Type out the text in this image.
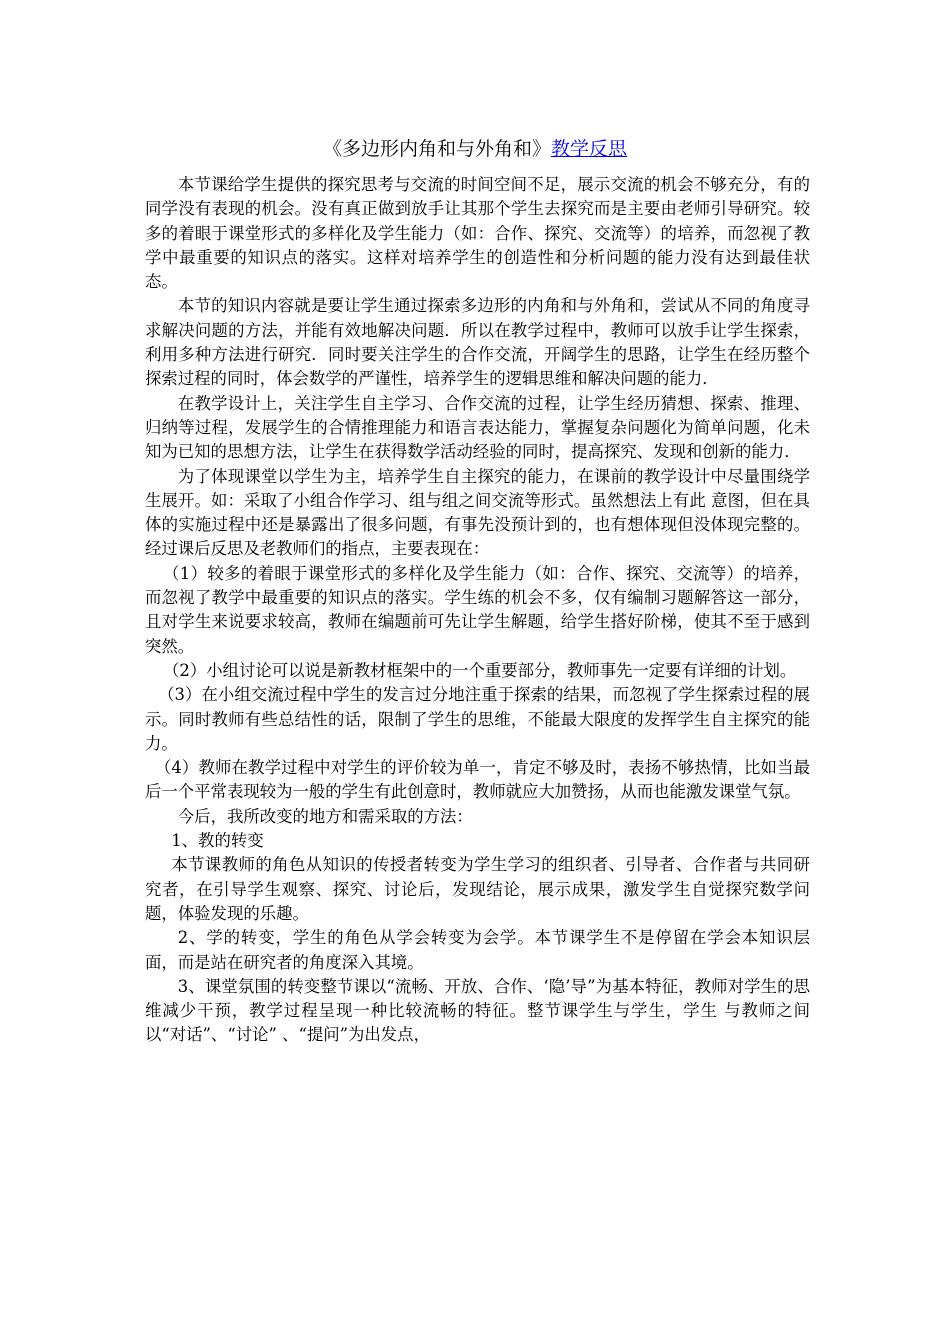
《多边形内角和与外角和》教学反思

本节课给学生提供的探究思考与交流的时间空间不足，展示交流的机会不够充分，有的同学没有表现的机会。没有真正做到放手让其那个学生去探究而是主要由老师引导研究。较多的着眼于课堂形式的多样化及学生能力（如：合作、探究、交流等）的培养，而忽视了教学中最重要的知识点的落实。这样对培养学生的创造性和分析问题的能力没有达到最佳状态。

本节的知识内容就是要让学生通过探索多边形的内角和与外角和，尝试从不同的角度寻求解决问题的方法，并能有效地解决问题．所以在教学过程中，教师可以放手让学生探索，利用多种方法进行研究．同时要关注学生的合作交流，开阔学生的思路，让学生在经历整个探索过程的同时，体会数学的严谨性，培养学生的逻辑思维和解决问题的能力．

在教学设计上，关注学生自主学习、合作交流的过程，让学生经历猜想、探索、推理、归纳等过程，发展学生的合情推理能力和语言表达能力，掌握复杂问题化为简单问题，化未知为已知的思想方法，让学生在获得数学活动经验的同时，提高探究、发现和创新的能力．

为了体现课堂以学生为主，培养学生自主探究的能力，在课前的教学设计中尽量围绕学生展开。如：采取了小组合作学习、组与组之间交流等形式。虽然想法上有此 意图，但在具体的实施过程中还是暴露出了很多问题，有事先没预计到的，也有想体现但没体现完整的。经过课后反思及老教师们的指点，主要表现在：

（1）较多的着眼于课堂形式的多样化及学生能力（如：合作、探究、交流等）的培养，而忽视了教学中最重要的知识点的落实。学生练的机会不多，仅有编制习题解答这一部分，且对学生来说要求较高，教师在编题前可先让学生解题，给学生搭好阶梯，使其不至于感到突然。

（2）小组讨论可以说是新教材框架中的一个重要部分，教师事先一定要有详细的计划。

（3）在小组交流过程中学生的发言过分地注重于探索的结果，而忽视了学生探索过程的展示。同时教师有些总结性的话，限制了学生的思维，不能最大限度的发挥学生自主探究的能力。

（4）教师在教学过程中对学生的评价较为单一，肯定不够及时，表扬不够热情，比如当最后一个平常表现较为一般的学生有此创意时，教师就应大加赞扬，从而也能激发课堂气氛。

今后，我所改变的地方和需采取的方法：

1、教的转变

本节课教师的角色从知识的传授者转变为学生学习的组织者、引导者、合作者与共同研究者，在引导学生观察、探究、讨论后，发现结论，展示成果，激发学生自觉探究数学问题，体验发现的乐趣。

2、学的转变，学生的角色从学会转变为会学。本节课学生不是停留在学会本知识层面，而是站在研究者的角度深入其境。

3、课堂氛围的转变整节课以“流畅、开放、合作、‘隐’导”为基本特征，教师对学生的思维减少干预，教学过程呈现一种比较流畅的特征。整节课学生与学生，学生 与教师之间以“对话”、“讨论” 、“提问”为出发点，
